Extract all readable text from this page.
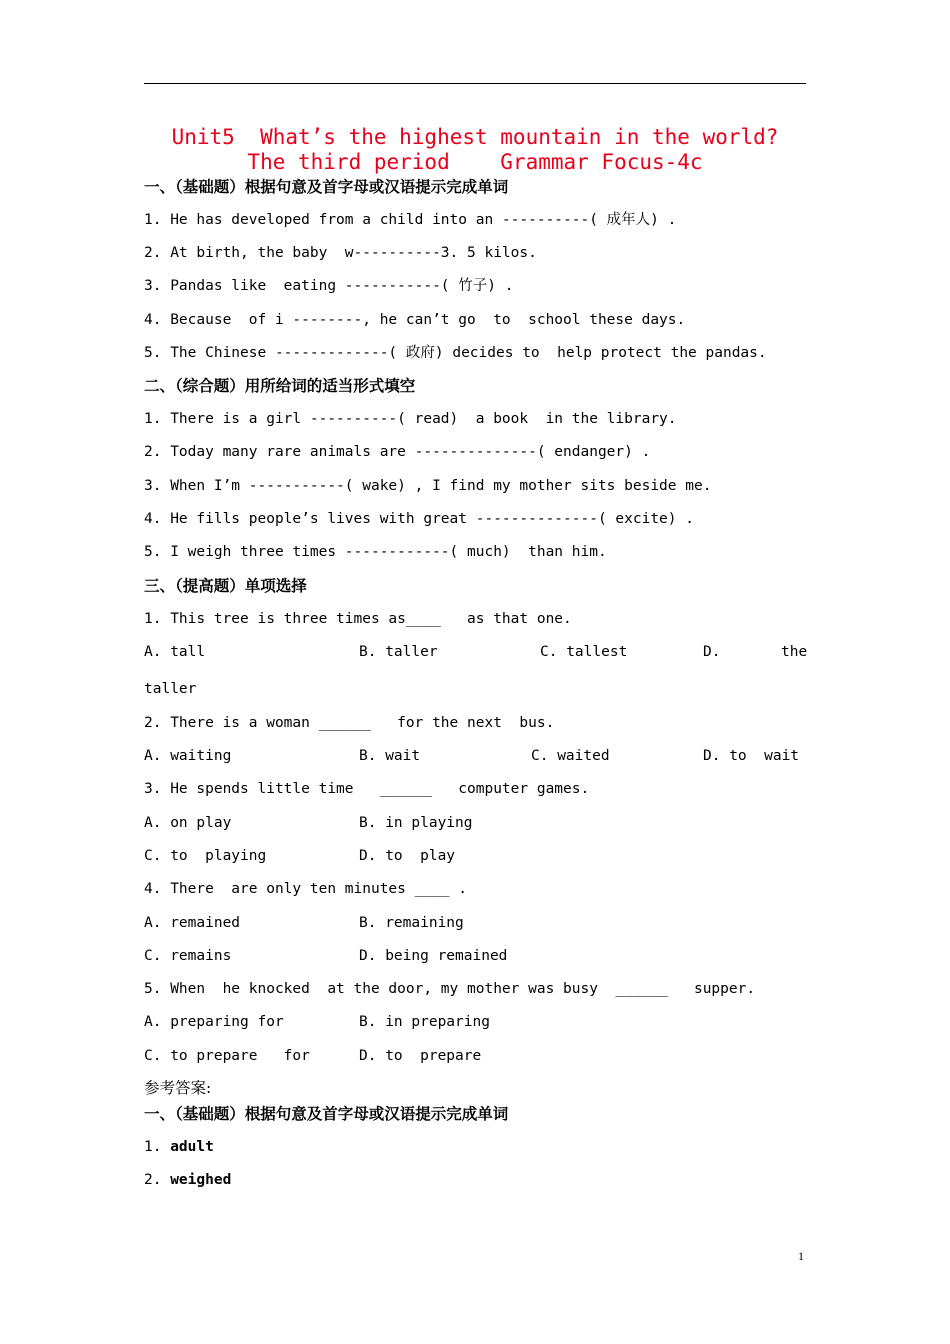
Unit5  What’s the highest mountain in the world?
The third period    Grammar Focus-4c
一、（基础题）根据句意及首字母或汉语提示完成单词
1. He has developed from a child into an ----------( 成年人) .
2. At birth, the baby  w----------3. 5 kilos.
3. Pandas like  eating -----------( 竹子) .
4. Because  of i --------, he can’t go  to  school these days.
5. The Chinese -------------( 政府) decides to  help protect the pandas.
二、（综合题）用所给词的适当形式填空
1. There is a girl ----------( read)  a book  in the library.
2. Today many rare animals are --------------( endanger) .
3. When I’m -----------( wake) , I find my mother sits beside me.
4. He fills people’s lives with great --------------( excite) .
5. I weigh three times ------------( much)  than him.
三、（提高题）单项选择
1. This tree is three times as____   as that one.
A. tall	B. taller	C. tallest	D.	the
taller
2. There is a woman ______   for the next  bus.
A. waiting	B. wait	C. waited	D. to  wait
3. He spends little time   ______   computer games.
A. on play	B. in playing
C. to  playing	D. to  play
4. There  are only ten minutes ____ .
A. remained	B. remaining
C. remains	D. being remained
5. When  he knocked  at the door, my mother was busy  ______   supper.
A. preparing for	B. in preparing
C. to prepare   for	D. to  prepare
参考答案:
一、（基础题）根据句意及首字母或汉语提示完成单词
1. adult
2. weighed
1
